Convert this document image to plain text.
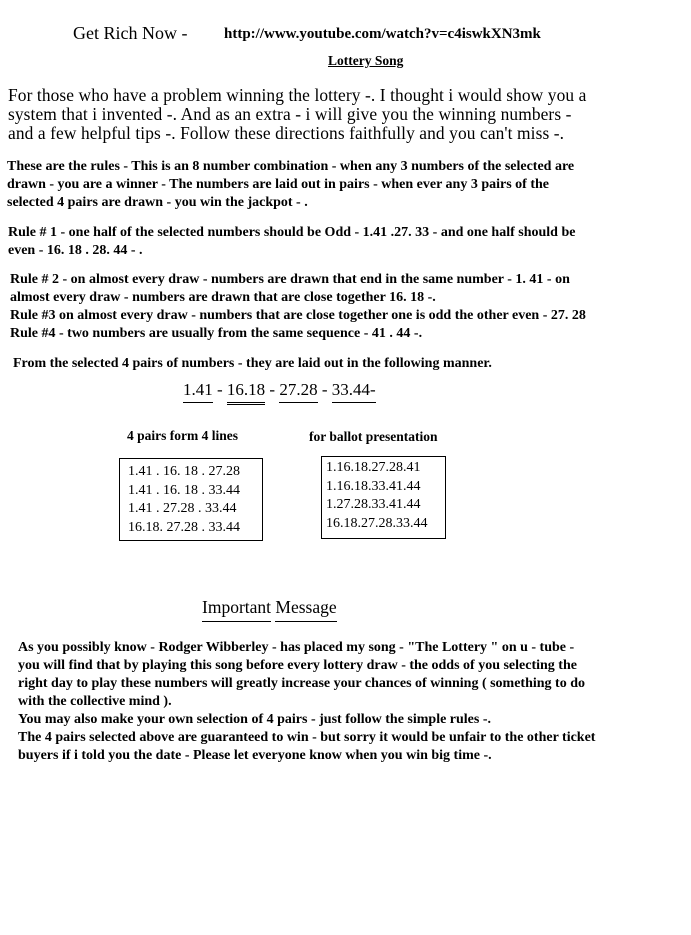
Get Rich Now - http://www.youtube.com/watch?v=c4iswkXN3mk
Lottery Song
For those who have a problem winning the lottery -. I thought i would show you a
system that i invented -. And as an extra - i will give you the winning numbers -
and a few helpful tips -. Follow these directions faithfully and you can't miss -.
These are the rules - This is an 8 number combination - when any 3 numbers of the selected are
drawn - you are a winner - The numbers are laid out in pairs - when ever any 3 pairs of the
selected 4 pairs are drawn - you win the jackpot - .
Rule # 1 - one half of the selected numbers should be Odd - 1.41 .27. 33 - and one half should be
even - 16. 18 . 28. 44 - .
Rule # 2 - on almost every draw - numbers are drawn that end in the same number - 1. 41 - on
almost every draw - numbers are drawn that are close together 16. 18 -.
Rule #3 on almost every draw - numbers that are close together one is odd the other even - 27. 28
Rule #4 - two numbers are usually from the same sequence - 41 . 44 -.
From the selected 4 pairs of numbers - they are laid out in the following manner.
1.41 - 16.18 - 27.28 - 33.44-
4 pairs form 4 lines	for ballot presentation
1.41 . 16. 18 . 27.28
1.41 . 16. 18 . 33.44
1.41 . 27.28 . 33.44
16.18. 27.28 . 33.44
1.16.18.27.28.41
1.16.18.33.41.44
1.27.28.33.41.44
16.18.27.28.33.44
Important Message
As you possibly know - Rodger Wibberley - has placed my song - "The Lottery " on u - tube -
you will find that by playing this song before every lottery draw - the odds of you selecting the
right day to play these numbers will greatly increase your chances of winning ( something to do
with the collective mind ).
You may also make your own selection of 4 pairs - just follow the simple rules -.
The 4 pairs selected above are guaranteed to win - but sorry it would be unfair to the other ticket
buyers if i told you the date - Please let everyone know when you win big time -.
